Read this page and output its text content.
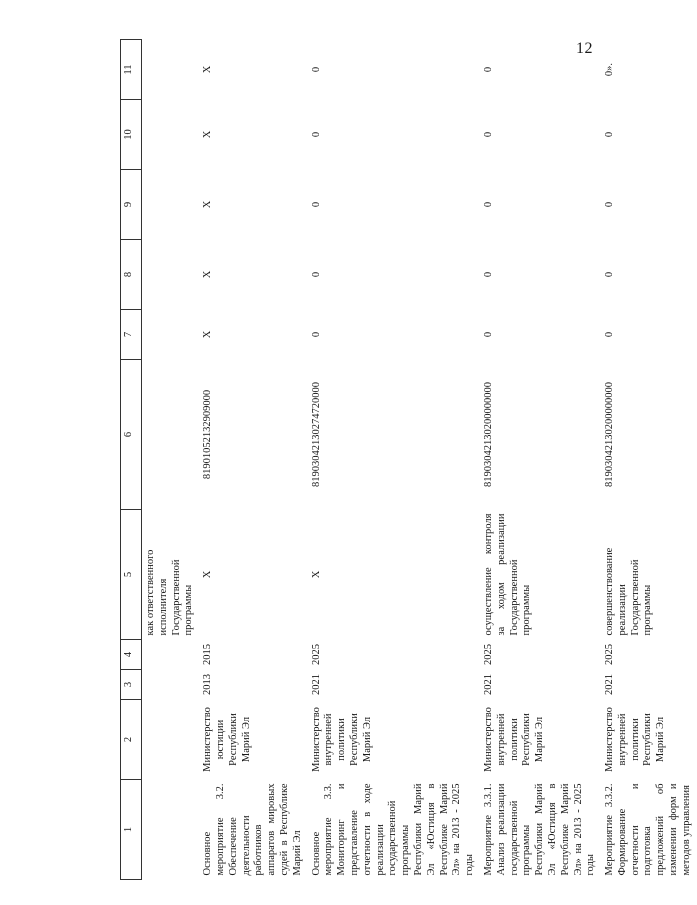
12
1	2	3	4	5	6	7	8	9	10	11
				как ответственного исполнителя Государственной программы						
Основное мероприятие 3.2. Обеспечение деятельности работников аппаратов мировых судей в Республике Марий Эл	Министерство юстиции Республики Марий Эл	2013	2015	X	81901052132909000	X	X	X	X	X
Основное мероприятие 3.3. Мониторинг и представление отчетности в ходе реализации государственной программы Республики Марий Эл «Юстиция в Республике Марий Эл» на 2013 - 2025 годы	Министерство внутренней политики Республики Марий Эл	2021	2025	X	81903042130274720000	0	0	0	0	0
Мероприятие 3.3.1. Анализ реализации государственной программы Республики Марий Эл «Юстиция в Республике Марий Эл» на 2013 - 2025 годы	Министерство внутренней политики Республики Марий Эл	2021	2025	осуществление контроля за ходом реализации Государственной программы	81903042130200000000	0	0	0	0	0
Мероприятие 3.3.2. Формирование отчетности и подготовка предложений об изменении форм и методов управления	Министерство внутренней политики Республики Марий Эл	2021	2025	совершенствование реализации Государственной программы	81903042130200000000	0	0	0	0	0».
